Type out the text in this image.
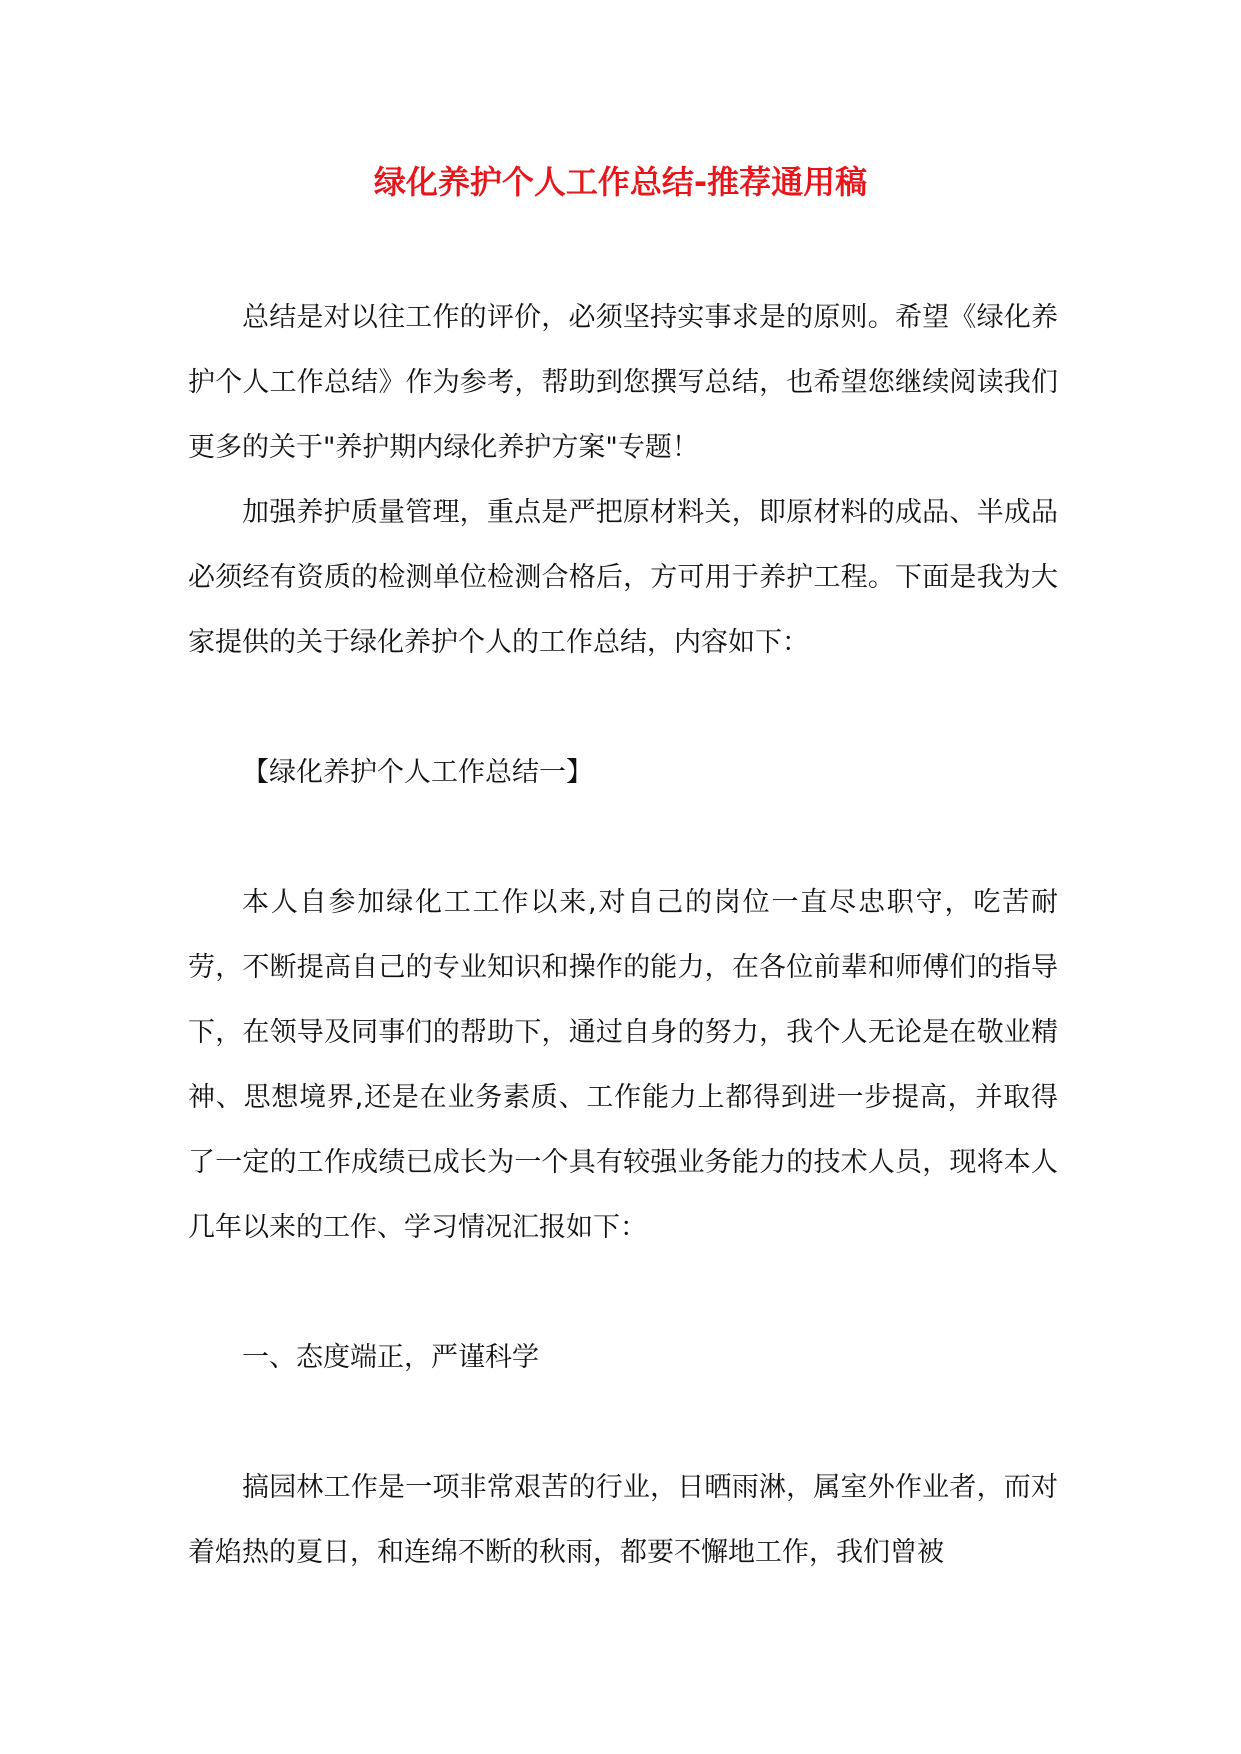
绿化养护个人工作总结-推荐通用稿

总结是对以往工作的评价，必须坚持实事求是的原则。希望《绿化养护个人工作总结》作为参考，帮助到您撰写总结，也希望您继续阅读我们更多的关于"养护期内绿化养护方案"专题！

加强养护质量管理，重点是严把原材料关，即原材料的成品、半成品必须经有资质的检测单位检测合格后，方可用于养护工程。下面是我为大家提供的关于绿化养护个人的工作总结，内容如下：

【绿化养护个人工作总结一】

本人自参加绿化工工作以来,对自己的岗位一直尽忠职守，吃苦耐劳，不断提高自己的专业知识和操作的能力，在各位前辈和师傅们的指导下，在领导及同事们的帮助下，通过自身的努力，我个人无论是在敬业精神、思想境界,还是在业务素质、工作能力上都得到进一步提高，并取得了一定的工作成绩已成长为一个具有较强业务能力的技术人员，现将本人几年以来的工作、学习情况汇报如下：

一、态度端正，严谨科学

搞园林工作是一项非常艰苦的行业，日晒雨淋，属室外作业者，而对着焰热的夏日，和连绵不断的秋雨，都要不懈地工作，我们曾被
